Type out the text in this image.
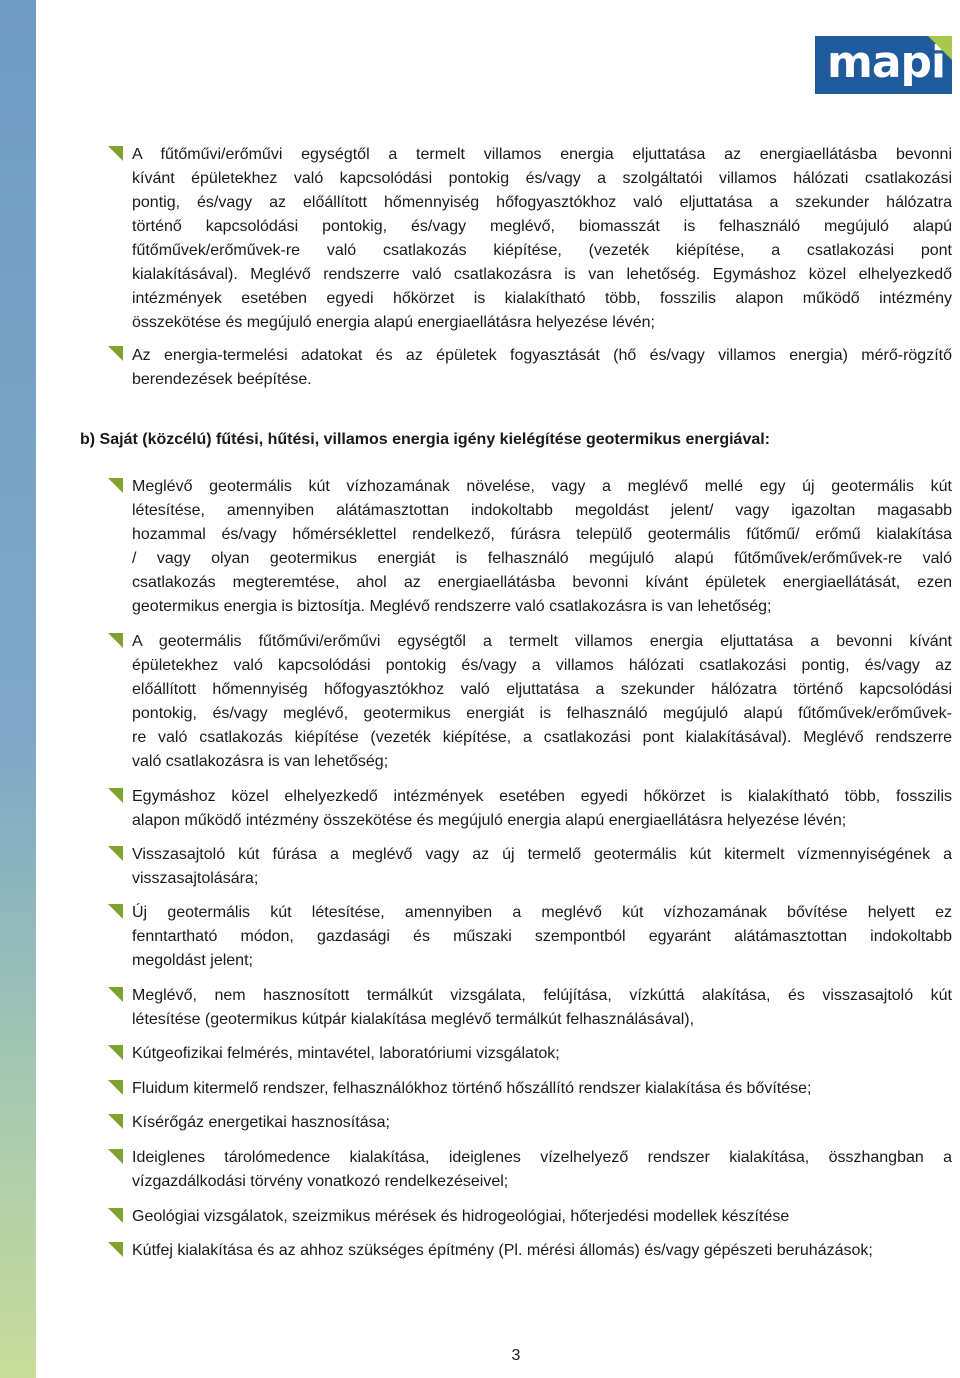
mapi
A fűtőművi/erőművi egységtől a termelt villamos energia eljuttatása az energiaellátásba bevonni
kívánt épületekhez való kapcsolódási pontokig és/vagy a szolgáltatói villamos hálózati csatlakozási
pontig, és/vagy az előállított hőmennyiség hőfogyasztókhoz való eljuttatása a szekunder hálózatra
történő kapcsolódási pontokig, és/vagy meglévő, biomasszát is felhasználó megújuló alapú
fűtőművek/erőművek-re való csatlakozás kiépítése, (vezeték kiépítése, a csatlakozási pont
kialakításával). Meglévő rendszerre való csatlakozásra is van lehetőség. Egymáshoz közel elhelyezkedő
intézmények esetében egyedi hőkörzet is kialakítható több, fosszilis alapon működő intézmény
összekötése és megújuló energia alapú energiaellátásra helyezése lévén;
Az energia-termelési adatokat és az épületek fogyasztását (hő és/vagy villamos energia) mérő-rögzítő
berendezések beépítése.
b) Saját (közcélú) fűtési, hűtési, villamos energia igény kielégítése geotermikus energiával:
Meglévő geotermális kút vízhozamának növelése, vagy a meglévő mellé egy új geotermális kút
létesítése, amennyiben alátámasztottan indokoltabb megoldást jelent/ vagy igazoltan magasabb
hozammal és/vagy hőmérséklettel rendelkező, fúrásra települő geotermális fűtőmű/ erőmű kialakítása
/ vagy olyan geotermikus energiát is felhasználó megújuló alapú fűtőművek/erőművek-re való
csatlakozás megteremtése, ahol az energiaellátásba bevonni kívánt épületek energiaellátását, ezen
geotermikus energia is biztosítja. Meglévő rendszerre való csatlakozásra is van lehetőség;
A geotermális fűtőművi/erőművi egységtől a termelt villamos energia eljuttatása a bevonni kívánt
épületekhez való kapcsolódási pontokig és/vagy a villamos hálózati csatlakozási pontig, és/vagy az
előállított hőmennyiség hőfogyasztókhoz való eljuttatása a szekunder hálózatra történő kapcsolódási
pontokig, és/vagy meglévő, geotermikus energiát is felhasználó megújuló alapú fűtőművek/erőművek-
re való csatlakozás kiépítése (vezeték kiépítése, a csatlakozási pont kialakításával). Meglévő rendszerre
való csatlakozásra is van lehetőség;
Egymáshoz közel elhelyezkedő intézmények esetében egyedi hőkörzet is kialakítható több, fosszilis
alapon működő intézmény összekötése és megújuló energia alapú energiaellátásra helyezése lévén;
Visszasajtoló kút fúrása a meglévő vagy az új termelő geotermális kút kitermelt vízmennyiségének a
visszasajtolására;
Új geotermális kút létesítése, amennyiben a meglévő kút vízhozamának bővítése helyett ez
fenntartható módon, gazdasági és műszaki szempontból egyaránt alátámasztottan indokoltabb
megoldást jelent;
Meglévő, nem hasznosított termálkút vizsgálata, felújítása, vízkúttá alakítása, és visszasajtoló kút
létesítése (geotermikus kútpár kialakítása meglévő termálkút felhasználásával),
Kútgeofizikai felmérés, mintavétel, laboratóriumi vizsgálatok;
Fluidum kitermelő rendszer, felhasználókhoz történő hőszállító rendszer kialakítása és bővítése;
Kísérőgáz energetikai hasznosítása;
Ideiglenes tárolómedence kialakítása, ideiglenes vízelhelyező rendszer kialakítása, összhangban a
vízgazdálkodási törvény vonatkozó rendelkezéseivel;
Geológiai vizsgálatok, szeizmikus mérések és hidrogeológiai, hőterjedési modellek készítése
Kútfej kialakítása és az ahhoz szükséges építmény (Pl. mérési állomás) és/vagy gépészeti beruházások;
3
